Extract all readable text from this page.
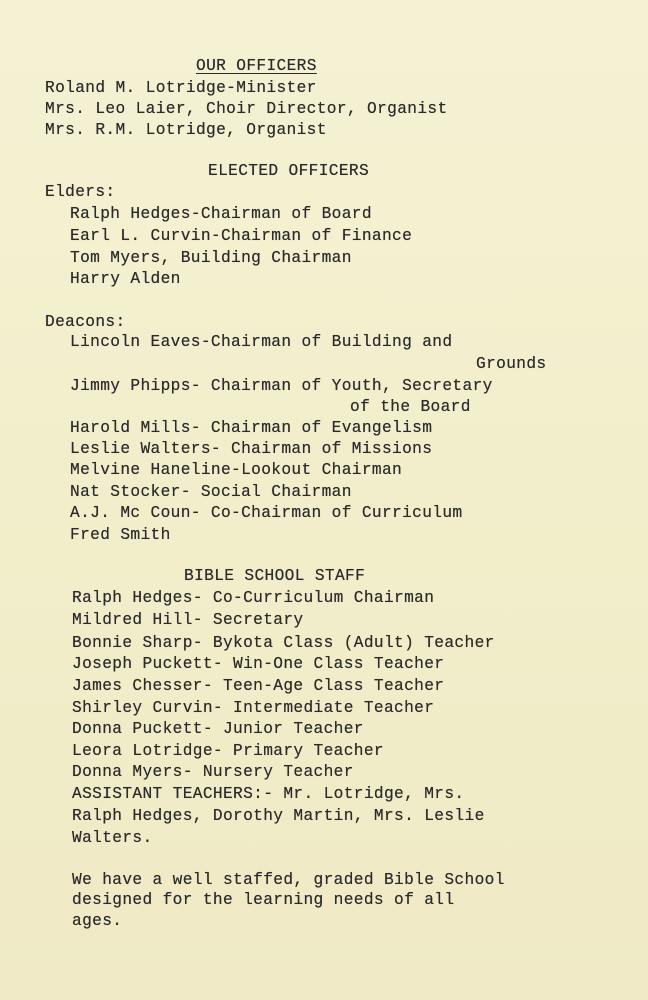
OUR OFFICERS
Roland M. Lotridge-Minister
Mrs. Leo Laier, Choir Director, Organist
Mrs. R.M. Lotridge, Organist
ELECTED OFFICERS
Elders:
Ralph Hedges-Chairman of Board
Earl L. Curvin-Chairman of Finance
Tom Myers, Building Chairman
Harry Alden
Deacons:
Lincoln Eaves-Chairman of Building and
Grounds
Jimmy Phipps- Chairman of Youth, Secretary
of the Board
Harold Mills- Chairman of Evangelism
Leslie Walters- Chairman of Missions
Melvine Haneline-Lookout Chairman
Nat Stocker- Social Chairman
A.J. Mc Coun- Co-Chairman of Curriculum
Fred Smith
BIBLE SCHOOL STAFF
Ralph Hedges- Co-Curriculum Chairman
Mildred Hill- Secretary
Bonnie Sharp- Bykota Class (Adult) Teacher
Joseph Puckett- Win-One Class Teacher
James Chesser- Teen-Age Class Teacher
Shirley Curvin- Intermediate Teacher
Donna Puckett- Junior Teacher
Leora Lotridge- Primary Teacher
Donna Myers- Nursery Teacher
ASSISTANT TEACHERS:- Mr. Lotridge, Mrs.
Ralph Hedges, Dorothy Martin, Mrs. Leslie
Walters.
We have a well staffed, graded Bible School
designed for the learning needs of all
ages.
